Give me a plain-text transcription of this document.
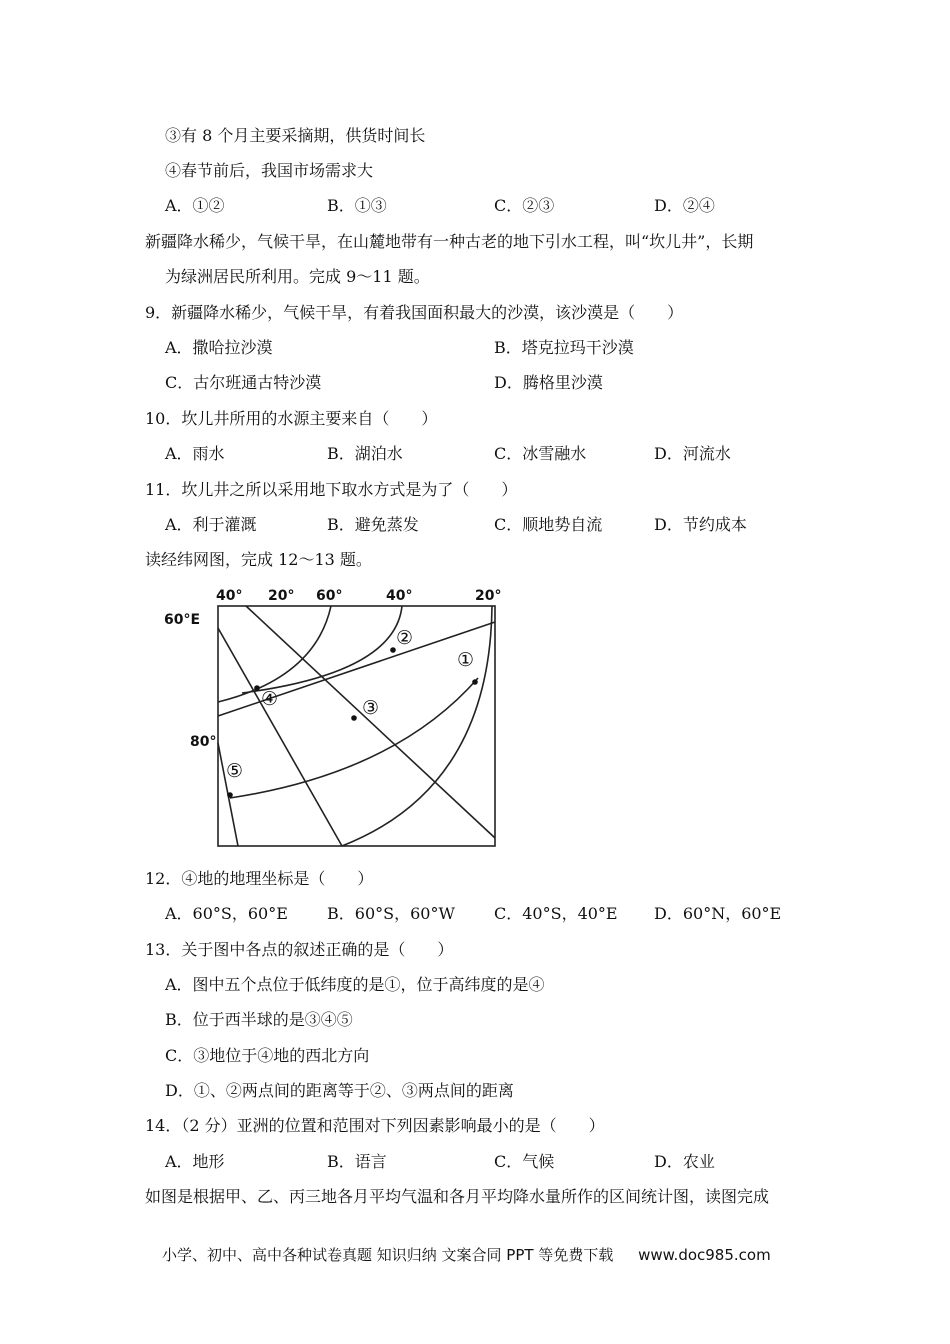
③有 8 个月主要采摘期，供货时间长
④春节前后，我国市场需求大
A．①②	B．①③	C．②③	D．②④
新疆降水稀少，气候干旱，在山麓地带有一种古老的地下引水工程，叫“坎儿井”，长期
为绿洲居民所利用。完成 9～11 题。
9．新疆降水稀少，气候干旱，有着我国面积最大的沙漠，该沙漠是（　　）
A．撒哈拉沙漠	B．塔克拉玛干沙漠
C．古尔班通古特沙漠	D．腾格里沙漠
10．坎儿井所用的水源主要来自（　　）
A．雨水	B．湖泊水	C．冰雪融水	D．河流水
11．坎儿井之所以采用地下取水方式是为了（　　）
A．利于灌溉	B．避免蒸发	C．顺地势自流	D．节约成本
读经纬网图，完成 12～13 题。
40° 20° 60°	40°	20°
60°E
80°
①
②
③
④
⑤
12．④地的地理坐标是（　　）
A．60°S，60°E B．60°S，60°W C．40°S，40°E D．60°N，60°E
13．关于图中各点的叙述正确的是（　　）
A．图中五个点位于低纬度的是①，位于高纬度的是④
B．位于西半球的是③④⑤
C．③地位于④地的西北方向
D．①、②两点间的距离等于②、③两点间的距离
14．（2 分）亚洲的位置和范围对下列因素影响最小的是（　　）
A．地形	B．语言	C．气候	D．农业
如图是根据甲、乙、丙三地各月平均气温和各月平均降水量所作的区间统计图，读图完成
小学、初中、高中各种试卷真题 知识归纳 文案合同 PPT 等免费下载 www.doc985.com
